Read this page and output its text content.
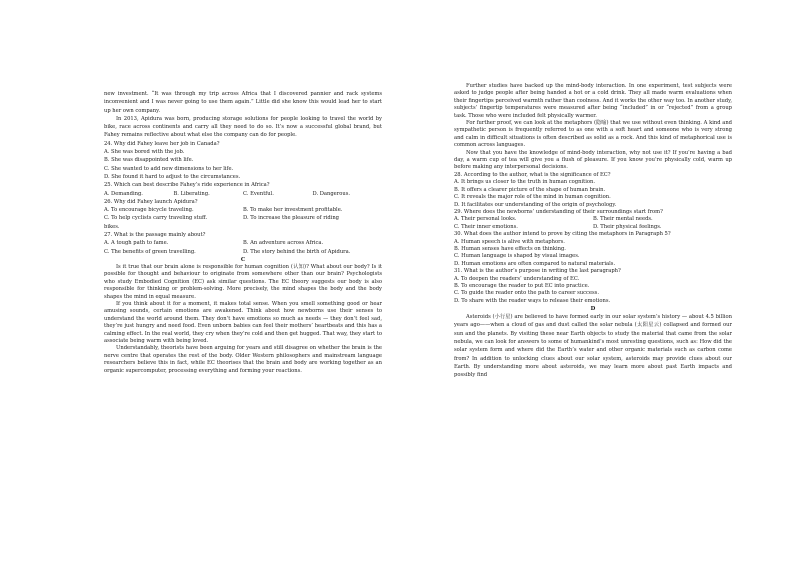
new investment. “It was through my trip across Africa that I discovered pannier and rack systems inconvenient and I was never going to use them again.” Little did she know this would lead her to start up her own company.

In 2013, Apidura was born, producing storage solutions for people looking to travel the world by bike, race across continents and carry all they need to do so. It’s now a successful global brand, but Fahey remains reflective about what else the company can do for people.

24. Why did Fahey leave her job in Canada?

A. She was bored with the job.

B. She was disappointed with life.

C. She wanted to add new dimensions to her life.

D. She found it hard to adjust to the circumstances.

25. Which can best describe Fahey’s ride experience in Africa?

A. Demanding.	B. Liberating.	C. Eventful.	D. Dangerous.

26. Why did Fahey launch Apidura?

A. To encourage bicycle traveling.	B. To make her investment profitable.
C. To help cyclists carry traveling stuff.	D. To increase the pleasure of riding

bikes.

27. What is the passage mainly about?

A. A tough path to fame.	B. An adventure across Africa.
C. The benefits of green travelling.	D. The story behind the birth of Apidura.

C

Is it true that our brain alone is responsible for human cognition (认知)? What about our body? Is it possible for thought and behaviour to originate from somewhere other than our brain? Psychologists who study Embodied Cognition (EC) ask similar questions. The EC theory suggests our body is also responsible for thinking or problem-solving. More precisely, the mind shapes the body and the body shapes the mind in equal measure.

If you think about it for a moment, it makes total sense. When you smell something good or hear amusing sounds, certain emotions are awakened. Think about how newborns use their senses to understand the world around them. They don’t have emotions so much as needs — they don’t feel sad, they’re just hungry and need food. Even unborn babies can feel their mothers’ heartbeats and this has a calming effect. In the real world, they cry when they’re cold and then get hugged. That way, they start to associate being warm with being loved.

Understandably, theorists have been arguing for years and still disagree on whether the brain is the nerve centre that operates the rest of the body. Older Western philosophers and mainstream language researchers believe this in fact, while EC theorises that the brain and body are working together as an organic supercomputer, processing everything and forming your reactions.

Further studies have backed up the mind-body interaction. In one experiment, test subjects were asked to judge people after being handed a hot or a cold drink. They all made warm evaluations when their fingertips perceived warmth rather than coolness. And it works the other way too. In another study, subjects’ fingertip temperatures were measured after being “included” in or “rejected” from a group task. Those who were included felt physically warmer.

For further proof, we can look at the metaphors (隐喻) that we use without even thinking. A kind and sympathetic person is frequently referred to as one with a soft heart and someone who is very strong and calm in difficult situations is often described as solid as a rock. And this kind of metaphorical use is common across languages.

Now that you have the knowledge of mind-body interaction, why not use it? If you’re having a bad day, a warm cup of tea will give you a flush of pleasure. If you know you’re physically cold, warm up before making any interpersonal decisions.

28. According to the author, what is the significance of EC?

A. It brings us closer to the truth in human cognition.

B. It offers a clearer picture of the shape of human brain.

C. It reveals the major role of the mind in human cognition.

D. It facilitates our understanding of the origin of psychology.

29. Where does the newborns’ understanding of their surroundings start from?

A. Their personal looks.	B. Their mental needs.
C. Their inner emotions.	D. Their physical feelings.

30. What does the author intend to prove by citing the metaphors in Paragraph 5?

A. Human speech is alive with metaphors.

B. Human senses have effects on thinking.

C. Human language is shaped by visual images.

D. Human emotions are often compared to natural materials.

31. What is the author’s purpose in writing the last paragraph?

A. To deepen the readers’ understanding of EC.

B. To encourage the reader to put EC into practice.

C. To guide the reader onto the path to career success.

D. To share with the reader ways to release their emotions.

D

Asteroids (小行星) are believed to have formed early in our solar system’s history — about 4.5 billion years ago——when a cloud of gas and dust called the solar nebula (太阳星云) collapsed and formed our sun and the planets. By visiting these near Earth objects to study the material that came from the solar nebula, we can look for answers to some of humankind’s most unresting questions, such as: How did the solar system form and where did the Earth’s water and other organic materials such as carbon come from? In addition to unlocking clues about our solar system, asteroids may provide clues about our Earth. By understanding more about asteroids, we may learn more about past Earth impacts and possibly find
